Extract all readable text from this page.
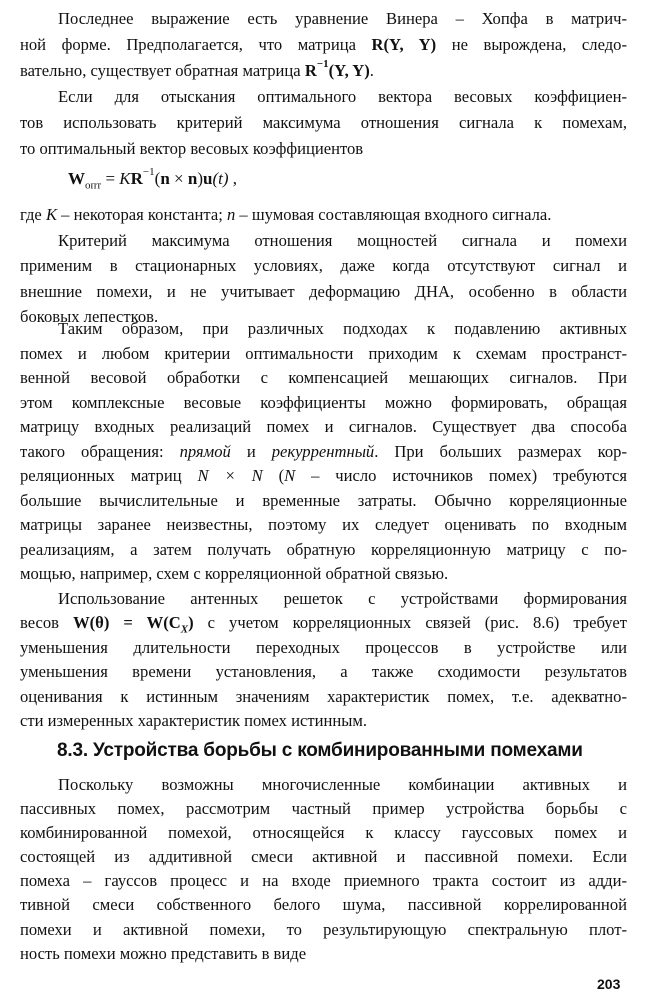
Последнее выражение есть уравнение Винера – Хопфа в матрич-

ной форме. Предполагается, что матрица R(Y, Y) не вырождена, следо-

вательно, существует обратная матрица $R^{-1}(Y$, Y).

Если для отыскания оптимального вектора весовых коэффициен-

тов использовать критерий максимума отношения сигнала к помехам,

то оптимальный вектор весовых коэффициентов

$W_{опт} = KR^{-1}(n \times n)u(t)$ ,

где K – некоторая константа; n – шумовая составляющая входного сигнала.

Критерий максимума отношения мощностей сигнала и помехи

применим в стационарных условиях, даже когда отсутствуют сигнал и

внешние помехи, и не учитывает деформацию ДНА, особенно в области

боковых лепестков.

Таким образом, при различных подходах к подавлению активных

помех и любом критерии оптимальности приходим к схемам пространст-

венной весовой обработки с компенсацией мешающих сигналов. При

этом комплексные весовые коэффициенты можно формировать, обращая

матрицу входных реализаций помех и сигналов. Существует два способа

такого обращения: прямой и рекуррентный. При больших размерах кор-

реляционных матриц N × N (N – число источников помех) требуются

большие вычислительные и временные затраты. Обычно корреляционные

матрицы заранее неизвестны, поэтому их следует оценивать по входным

реализациям, а затем получать обратную корреляционную матрицу с по-

мощью, например, схем с корреляционной обратной связью.

Использование антенных решеток с устройствами формирования

весов $W(\theta) = W(C_X)$ с учетом корреляционных связей (рис. 8.6) требует

уменьшения длительности переходных процессов в устройстве или

уменьшения времени установления, а также сходимости результатов

оценивания к истинным значениям характеристик помех, т.е. адекватно-

сти измеренных характеристик помех истинным.

8.3. Устройства борьбы с комбинированными помехами

Поскольку возможны многочисленные комбинации активных и

пассивных помех, рассмотрим частный пример устройства борьбы с

комбинированной помехой, относящейся к классу гауссовых помех и

состоящей из аддитивной смеси активной и пассивной помехи. Если

помеха – гауссов процесс и на входе приемного тракта состоит из адди-

тивной смеси собственного белого шума, пассивной коррелированной

помехи и активной помехи, то результирующую спектральную плот-

ность помехи можно представить в виде

203
